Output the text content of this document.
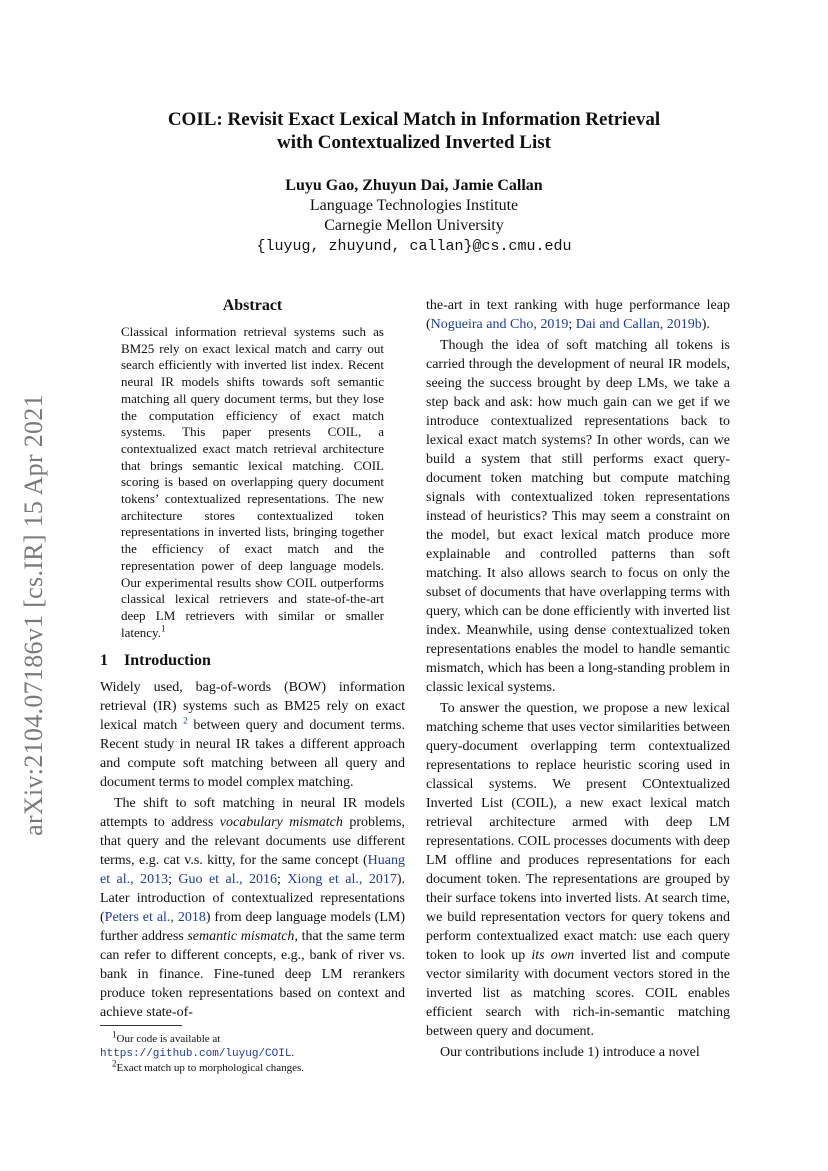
arXiv:2104.07186v1 [cs.IR] 15 Apr 2021
COIL: Revisit Exact Lexical Match in Information Retrieval
with Contextualized Inverted List
Luyu Gao, Zhuyun Dai, Jamie Callan
Language Technologies Institute
Carnegie Mellon University
{luyug, zhuyund, callan}@cs.cmu.edu
Abstract
Classical information retrieval systems such as BM25 rely on exact lexical match and carry out search efficiently with inverted list index. Recent neural IR models shifts towards soft semantic matching all query document terms, but they lose the computation efficiency of exact match systems. This paper presents COIL, a contextualized exact match retrieval architecture that brings semantic lexical matching. COIL scoring is based on overlapping query document tokens’ contextualized representations. The new architecture stores contextualized token representations in inverted lists, bringing together the efficiency of exact match and the representation power of deep language models. Our experimental results show COIL outperforms classical lexical retrievers and state-of-the-art deep LM retrievers with similar or smaller latency.$^1$
1 Introduction

Widely used, bag-of-words (BOW) information retrieval (IR) systems such as BM25 rely on exact lexical match $^2$ between query and document terms. Recent study in neural IR takes a different approach and compute soft matching between all query and document terms to model complex matching.

The shift to soft matching in neural IR models attempts to address vocabulary mismatch problems, that query and the relevant documents use different terms, e.g. cat v.s. kitty, for the same concept (Huang et al., 2013; Guo et al., 2016; Xiong et al., 2017). Later introduction of contextualized representations (Peters et al., 2018) from deep language models (LM) further address semantic mismatch, that the same term can refer to different concepts, e.g., bank of river vs. bank in finance. Fine-tuned deep LM rerankers produce token representations based on context and achieve state-of-

the-art in text ranking with huge performance leap (Nogueira and Cho, 2019; Dai and Callan, 2019b).

Though the idea of soft matching all tokens is carried through the development of neural IR models, seeing the success brought by deep LMs, we take a step back and ask: how much gain can we get if we introduce contextualized representations back to lexical exact match systems? In other words, can we build a system that still performs exact query-document token matching but compute matching signals with contextualized token representations instead of heuristics? This may seem a constraint on the model, but exact lexical match produce more explainable and controlled patterns than soft matching. It also allows search to focus on only the subset of documents that have overlapping terms with query, which can be done efficiently with inverted list index. Meanwhile, using dense contextualized token representations enables the model to handle semantic mismatch, which has been a long-standing problem in classic lexical systems.

To answer the question, we propose a new lexical matching scheme that uses vector similarities between query-document overlapping term contextualized representations to replace heuristic scoring used in classical systems. We present COntextualized Inverted List (COIL), a new exact lexical match retrieval architecture armed with deep LM representations. COIL processes documents with deep LM offline and produces representations for each document token. The representations are grouped by their surface tokens into inverted lists. At search time, we build representation vectors for query tokens and perform contextualized exact match: use each query token to look up its own inverted list and compute vector similarity with document vectors stored in the inverted list as matching scores. COIL enables efficient search with rich-in-semantic matching between query and document.

Our contributions include 1) introduce a novel

$^1$Our code is available at https://github.com/luyug/COIL.

$^2$Exact match up to morphological changes.
